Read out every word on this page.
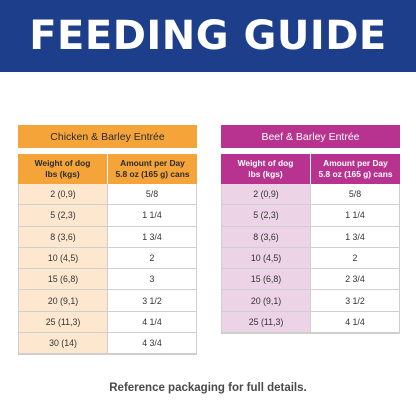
FEEDING GUIDE
Chicken & Barley Entrée
Weight of dog
lbs (kgs)
Amount per Day
5.8 oz (165 g) cans
2 (0,9)	5/8
5 (2,3)	1 1/4
8 (3,6)	1 3/4
10 (4,5)	2
15 (6,8)	3
20 (9,1)	3 1/2
25 (11,3)	4 1/4
30 (14)	4 3/4
Beef & Barley Entrée
Weight of dog
lbs (kgs)
Amount per Day
5.8 oz (165 g) cans
2 (0,9)	5/8
5 (2,3)	1 1/4
8 (3,6)	1 3/4
10 (4,5)	2
15 (6,8)	2 3/4
20 (9,1)	3 1/2
25 (11,3)	4 1/4
Reference packaging for full details.
